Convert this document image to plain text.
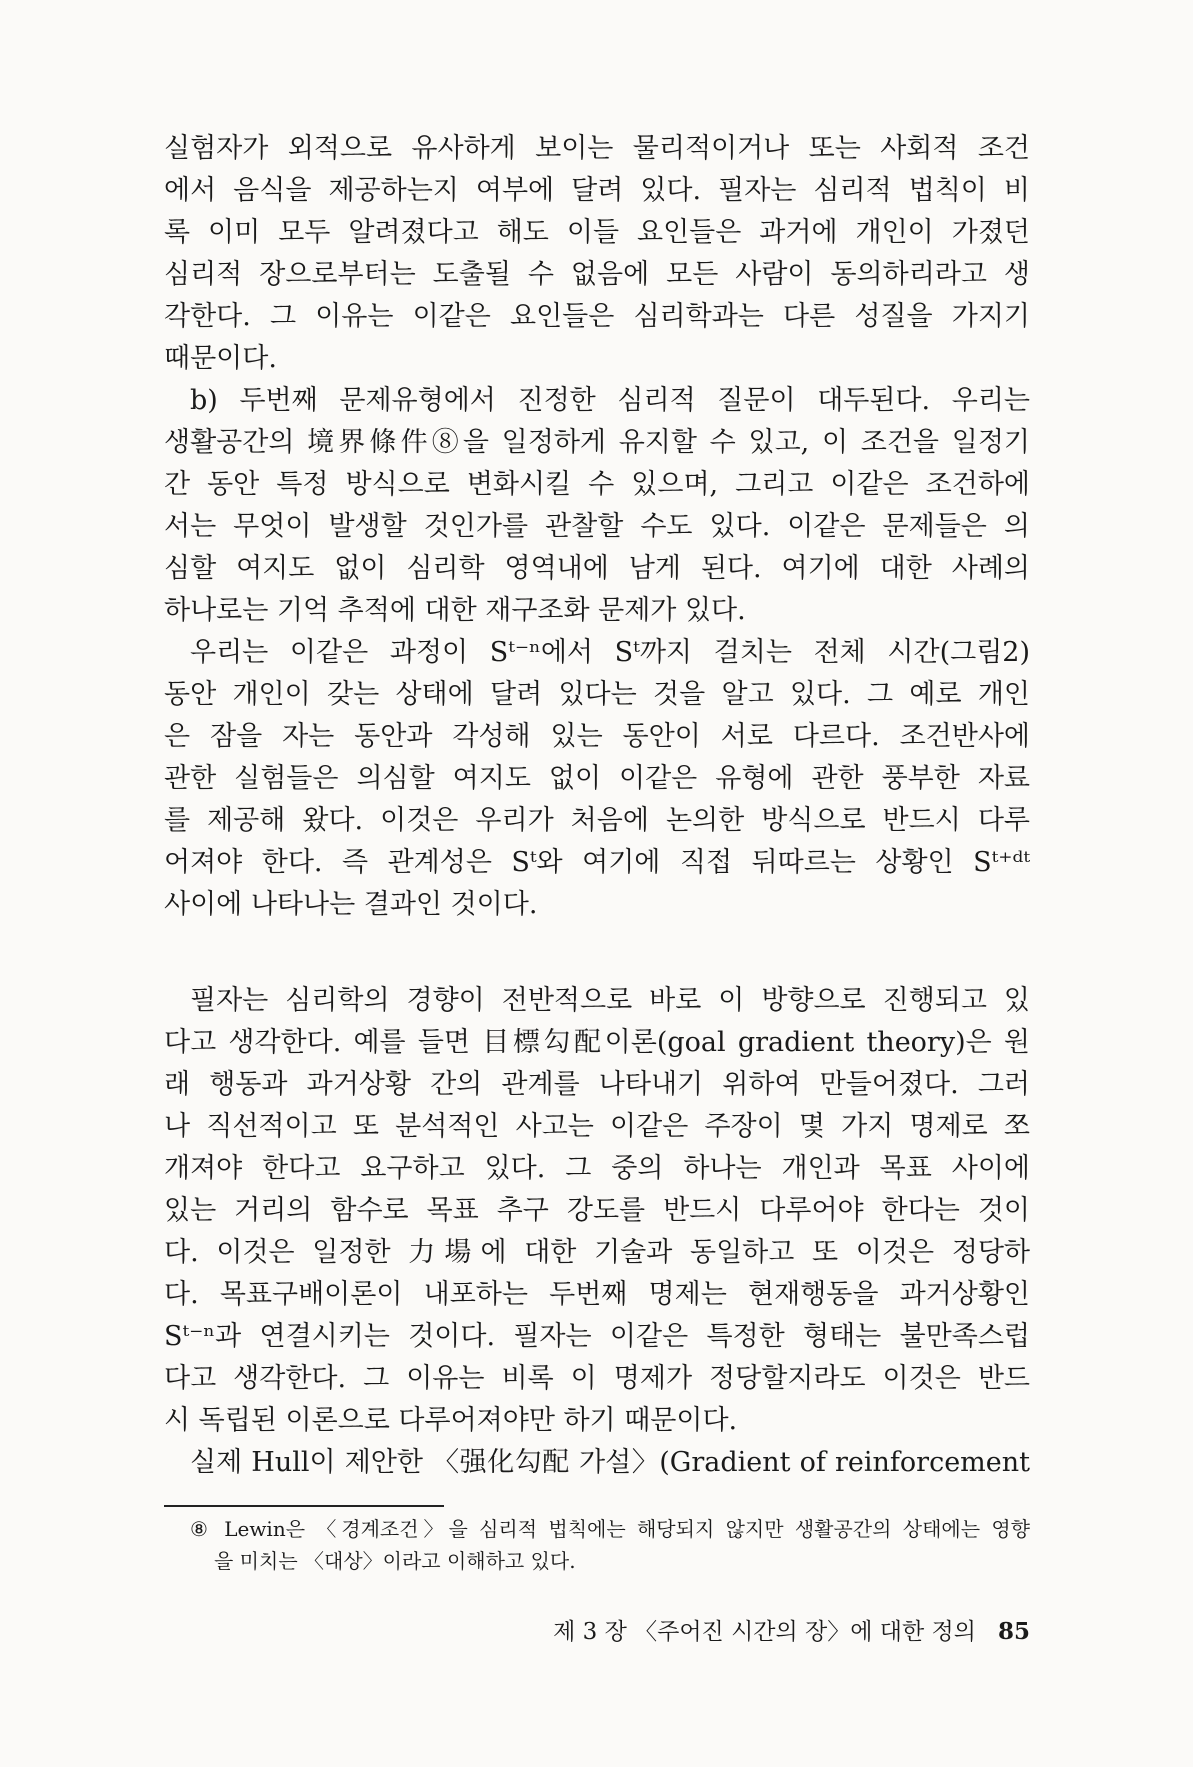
실험자가 외적으로 유사하게 보이는 물리적이거나 또는 사회적 조건
에서 음식을 제공하는지 여부에 달려 있다. 필자는 심리적 법칙이 비
록 이미 모두 알려졌다고 해도 이들 요인들은 과거에 개인이 가졌던
심리적 장으로부터는 도출될 수 없음에 모든 사람이 동의하리라고 생
각한다. 그 이유는 이같은 요인들은 심리학과는 다른 성질을 가지기
때문이다.
b) 두번째 문제유형에서 진정한 심리적 질문이 대두된다. 우리는
생활공간의 境界條件⑧을 일정하게 유지할 수 있고, 이 조건을 일정기
간 동안 특정 방식으로 변화시킬 수 있으며, 그리고 이같은 조건하에
서는 무엇이 발생할 것인가를 관찰할 수도 있다. 이같은 문제들은 의
심할 여지도 없이 심리학 영역내에 남게 된다. 여기에 대한 사례의
하나로는 기억 추적에 대한 재구조화 문제가 있다.
우리는 이같은 과정이 Sᵗ⁻ⁿ에서 Sᵗ까지 걸치는 전체 시간(그림2)
동안 개인이 갖는 상태에 달려 있다는 것을 알고 있다. 그 예로 개인
은 잠을 자는 동안과 각성해 있는 동안이 서로 다르다. 조건반사에
관한 실험들은 의심할 여지도 없이 이같은 유형에 관한 풍부한 자료
를 제공해 왔다. 이것은 우리가 처음에 논의한 방식으로 반드시 다루
어져야 한다. 즉 관계성은 Sᵗ와 여기에 직접 뒤따르는 상황인 Sᵗ⁺ᵈᵗ
사이에 나타나는 결과인 것이다.
필자는 심리학의 경향이 전반적으로 바로 이 방향으로 진행되고 있
다고 생각한다. 예를 들면 目標勾配이론(goal gradient theory)은 원
래 행동과 과거상황 간의 관계를 나타내기 위하여 만들어졌다. 그러
나 직선적이고 또 분석적인 사고는 이같은 주장이 몇 가지 명제로 쪼
개져야 한다고 요구하고 있다. 그 중의 하나는 개인과 목표 사이에
있는 거리의 함수로 목표 추구 강도를 반드시 다루어야 한다는 것이
다. 이것은 일정한 力場에 대한 기술과 동일하고 또 이것은 정당하
다. 목표구배이론이 내포하는 두번째 명제는 현재행동을 과거상황인
Sᵗ⁻ⁿ과 연결시키는 것이다. 필자는 이같은 특정한 형태는 불만족스럽
다고 생각한다. 그 이유는 비록 이 명제가 정당할지라도 이것은 반드
시 독립된 이론으로 다루어져야만 하기 때문이다.
실제 Hull이 제안한 〈强化勾配 가설〉(Gradient of reinforcement
⑧ Lewin은 〈경계조건〉을 심리적 법칙에는 해당되지 않지만 생활공간의 상태에는 영향
을 미치는 〈대상〉이라고 이해하고 있다.
제 3 장 〈주어진 시간의 장〉에 대한 정의 85
